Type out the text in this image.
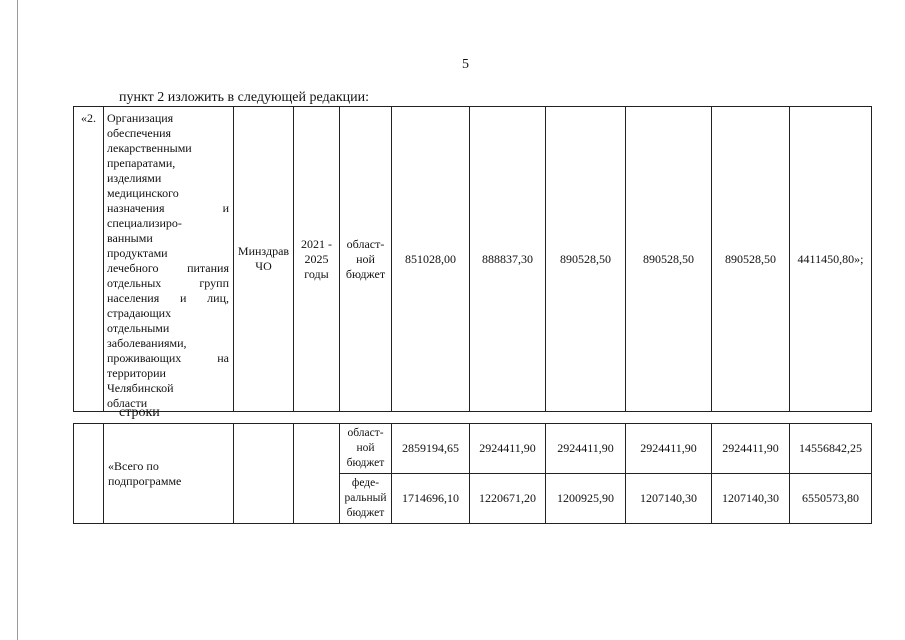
5
пункт 2 изложить в следующей редакции:
«2.	Организация
обеспечения
лекарственными
препаратами,
изделиями
медицинского
назначения и
специализиро-
ванными
продуктами
лечебного питания
отдельных групп
населения и лиц,
страдающих
отдельными
заболеваниями,
проживающих на
территории
Челябинской
области
	Минздрав ЧО	2021 - 2025 годы	област-ной бюджет	851028,00	888837,30	890528,50	890528,50	890528,50	4411450,80»;
строки
	«Всего по подпрограмме			област-ной бюджет	2859194,65	2924411,90	2924411,90	2924411,90	2924411,90	14556842,25
				феде-ральный бюджет	1714696,10	1220671,20	1200925,90	1207140,30	1207140,30	6550573,80
